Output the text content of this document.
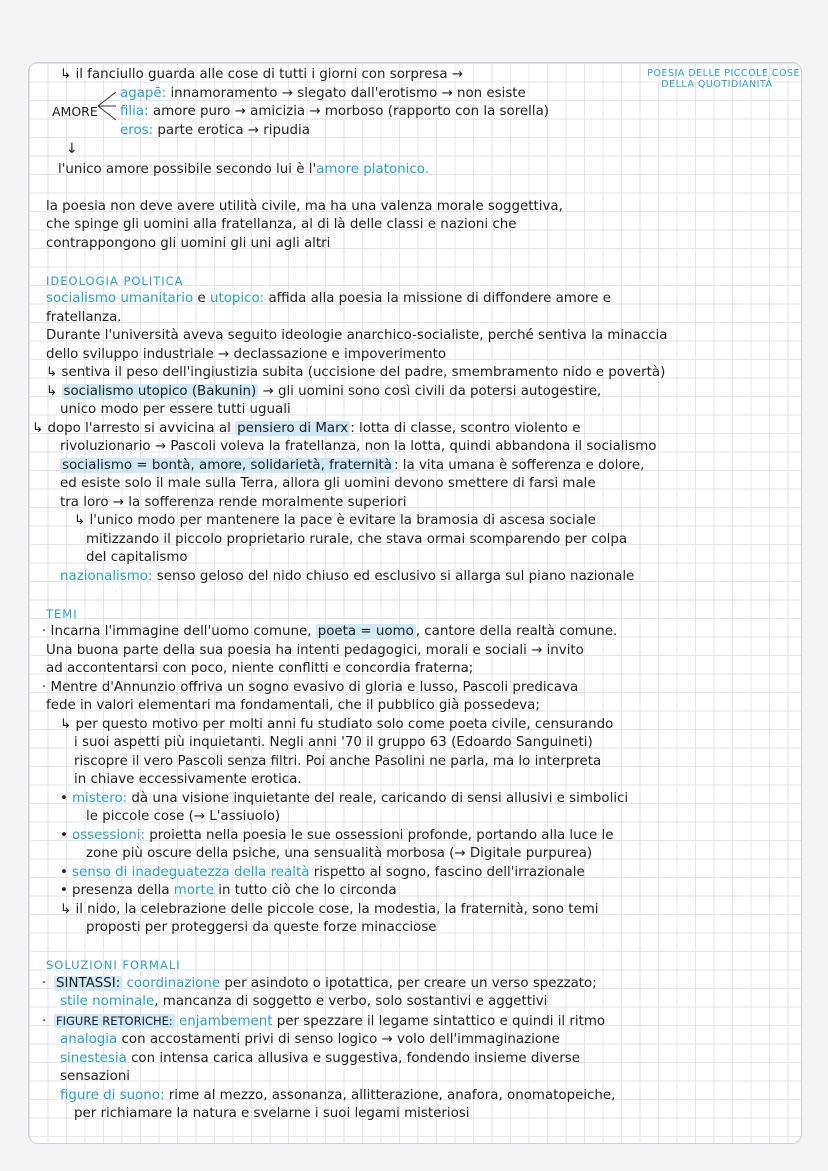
↳ il fanciullo guarda alle cose di tutti i giorni con sorpresa →	POESIA DELLE PICCOLE COSE
DELLA QUOTIDIANITÀ
AMORE
agapē: innamoramento → slegato dall'erotismo → non esiste
filia: amore puro → amicizia → morboso (rapporto con la sorella)
eros: parte erotica → ripudia
↓
l'unico amore possibile secondo lui è l'amore platonico.
la poesia non deve avere utilità civile, ma ha una valenza morale soggettiva,
che spinge gli uomini alla fratellanza, al di là delle classi e nazioni che
contrappongono gli uomini gli uni agli altri
IDEOLOGIA POLITICA
socialismo umanitario e utopico: affida alla poesia la missione di diffondere amore e
fratellanza.
Durante l'università aveva seguito ideologie anarchico-socialiste, perché sentiva la minaccia
dello sviluppo industriale → declassazione e impoverimento
↳ sentiva il peso dell'ingiustizia subita (uccisione del padre, smembramento nido e povertà)
↳ socialismo utopico (Bakunin) → gli uomini sono così civili da potersi autogestire,
unico modo per essere tutti uguali
↳ dopo l'arresto si avvicina al pensiero di Marx : lotta di classe, scontro violento e
rivoluzionario → Pascoli voleva la fratellanza, non la lotta, quindi abbandona il socialismo
socialismo = bontà, amore, solidarietà, fraternità : la vita umana è sofferenza e dolore,
ed esiste solo il male sulla Terra, allora gli uomini devono smettere di farsi male
tra loro → la sofferenza rende moralmente superiori
↳ l'unico modo per mantenere la pace è evitare la bramosia di ascesa sociale
mitizzando il piccolo proprietario rurale, che stava ormai scomparendo per colpa
del capitalismo
nazionalismo: senso geloso del nido chiuso ed esclusivo si allarga sul piano nazionale
TEMI
· Incarna l'immagine dell'uomo comune, poeta = uomo , cantore della realtà comune.
Una buona parte della sua poesia ha intenti pedagogici, morali e sociali → invito
ad accontentarsi con poco, niente conflitti e concordia fraterna;
· Mentre d'Annunzio offriva un sogno evasivo di gloria e lusso, Pascoli predicava
fede in valori elementari ma fondamentali, che il pubblico già possedeva;
↳ per questo motivo per molti anni fu studiato solo come poeta civile, censurando
i suoi aspetti più inquietanti. Negli anni '70 il gruppo 63 (Edoardo Sanguineti)
riscopre il vero Pascoli senza filtri. Poi anche Pasolini ne parla, ma lo interpreta
in chiave eccessivamente erotica.
• mistero: dà una visione inquietante del reale, caricando di sensi allusivi e simbolici
le piccole cose (→ L'assiuolo)
• ossessioni: proietta nella poesia le sue ossessioni profonde, portando alla luce le
zone più oscure della psiche, una sensualità morbosa (→ Digitale purpurea)
• senso di inadeguatezza della realtà rispetto al sogno, fascino dell'irrazionale
• presenza della morte in tutto ciò che lo circonda
↳ il nido, la celebrazione delle piccole cose, la modestia, la fraternità, sono temi
proposti per proteggersi da queste forze minacciose
SOLUZIONI FORMALI
· SINTASSI: coordinazione per asindoto o ipotattica, per creare un verso spezzato;
stile nominale, mancanza di soggetto e verbo, solo sostantivi e aggettivi
· FIGURE RETORICHE: enjambement per spezzare il legame sintattico e quindi il ritmo
analogia con accostamenti privi di senso logico → volo dell'immaginazione
sinestesia con intensa carica allusiva e suggestiva, fondendo insieme diverse
sensazioni
figure di suono: rime al mezzo, assonanza, allitterazione, anafora, onomatopeiche,
per richiamare la natura e svelarne i suoi legami misteriosi
